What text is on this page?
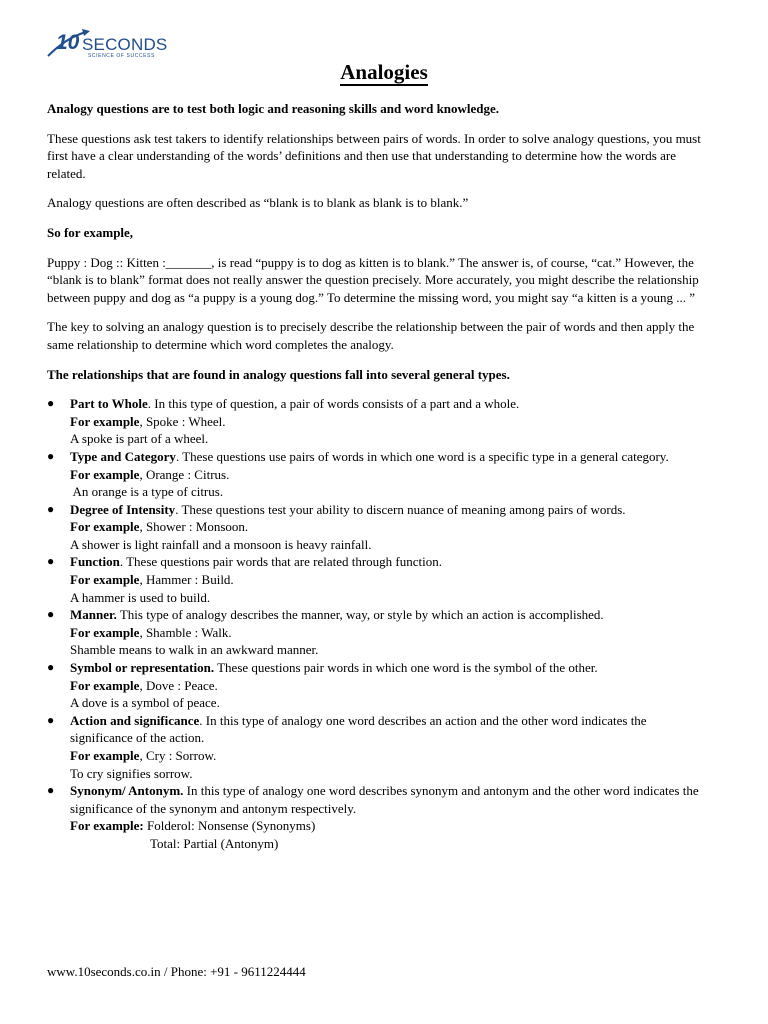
10 SECONDS
SCIENCE OF SUCCESS
Analogies

Analogy questions are to test both logic and reasoning skills and word knowledge.

These questions ask test takers to identify relationships between pairs of words. In order to solve analogy questions, you must first have a clear understanding of the words’ definitions and then use that understanding to determine how the words are related.

Analogy questions are often described as “blank is to blank as blank is to blank.”

So for example,

Puppy : Dog :: Kitten :_______, is read “puppy is to dog as kitten is to blank.” The answer is, of course, “cat.” However, the “blank is to blank” format does not really answer the question precisely. More accurately, you might describe the relationship between puppy and dog as “a puppy is a young dog.” To determine the missing word, you might say “a kitten is a young ... ”

The key to solving an analogy question is to precisely describe the relationship between the pair of words and then apply the same relationship to determine which word completes the analogy.

The relationships that are found in analogy questions fall into several general types.

● Part to Whole. In this type of question, a pair of words consists of a part and a whole.
For example, Spoke : Wheel.
A spoke is part of a wheel.
● Type and Category. These questions use pairs of words in which one word is a specific type in a general category.
For example, Orange : Citrus.
An orange is a type of citrus.
● Degree of Intensity. These questions test your ability to discern nuance of meaning among pairs of words.
For example, Shower : Monsoon.
A shower is light rainfall and a monsoon is heavy rainfall.
● Function. These questions pair words that are related through function.
For example, Hammer : Build.
A hammer is used to build.
● Manner. This type of analogy describes the manner, way, or style by which an action is accomplished.
For example, Shamble : Walk.
Shamble means to walk in an awkward manner.
● Symbol or representation. These questions pair words in which one word is the symbol of the other.
For example, Dove : Peace.
A dove is a symbol of peace.
● Action and significance. In this type of analogy one word describes an action and the other word indicates the significance of the action.
For example, Cry : Sorrow.
To cry signifies sorrow.
● Synonym/ Antonym. In this type of analogy one word describes synonym and antonym and the other word indicates the significance of the synonym and antonym respectively.
For example: Folderol: Nonsense (Synonyms)
Total: Partial (Antonym)
www.10seconds.co.in / Phone: +91 - 9611224444
